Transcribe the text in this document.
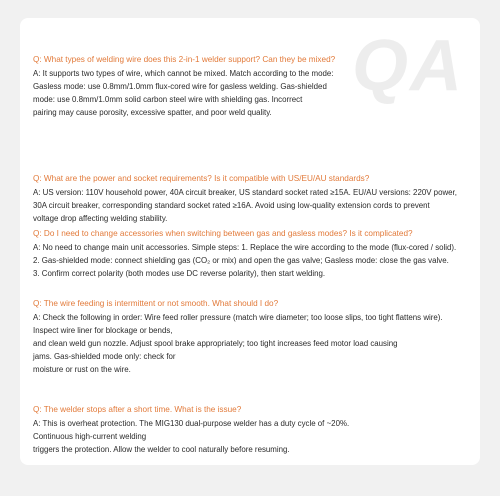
QA

Q: What types of welding wire does this 2-in-1 welder support? Can they be mixed?

A: It supports two types of wire, which cannot be mixed. Match according to the mode:

Gasless mode: use 0.8mm/1.0mm flux-cored wire for gasless welding. Gas-shielded

mode: use 0.8mm/1.0mm solid carbon steel wire with shielding gas. Incorrect

pairing may cause porosity, excessive spatter, and poor weld quality.

Q: What are the power and socket requirements? Is it compatible with US/EU/AU standards?

A: US version: 110V household power, 40A circuit breaker, US standard socket rated ≥15A. EU/AU versions: 220V power,

30A circuit breaker, corresponding standard socket rated ≥16A. Avoid using low-quality extension cords to prevent

voltage drop affecting welding stability.

Q: Do I need to change accessories when switching between gas and gasless modes? Is it complicated?

A: No need to change main unit accessories. Simple steps: 1. Replace the wire according to the mode (flux-cored / solid).

2. Gas-shielded mode: connect shielding gas (CO₂ or mix) and open the gas valve; Gasless mode: close the gas valve.

3. Confirm correct polarity (both modes use DC reverse polarity), then start welding.

Q: The wire feeding is intermittent or not smooth. What should I do?

A: Check the following in order: Wire feed roller pressure (match wire diameter; too loose slips, too tight flattens wire).

Inspect wire liner for blockage or bends,

and clean weld gun nozzle. Adjust spool brake appropriately; too tight increases feed motor load causing

jams. Gas-shielded mode only: check for

moisture or rust on the wire.

Q: The welder stops after a short time. What is the issue?

A: This is overheat protection. The MIG130 dual-purpose welder has a duty cycle of ~20%.

Continuous high-current welding

triggers the protection. Allow the welder to cool naturally before resuming.
